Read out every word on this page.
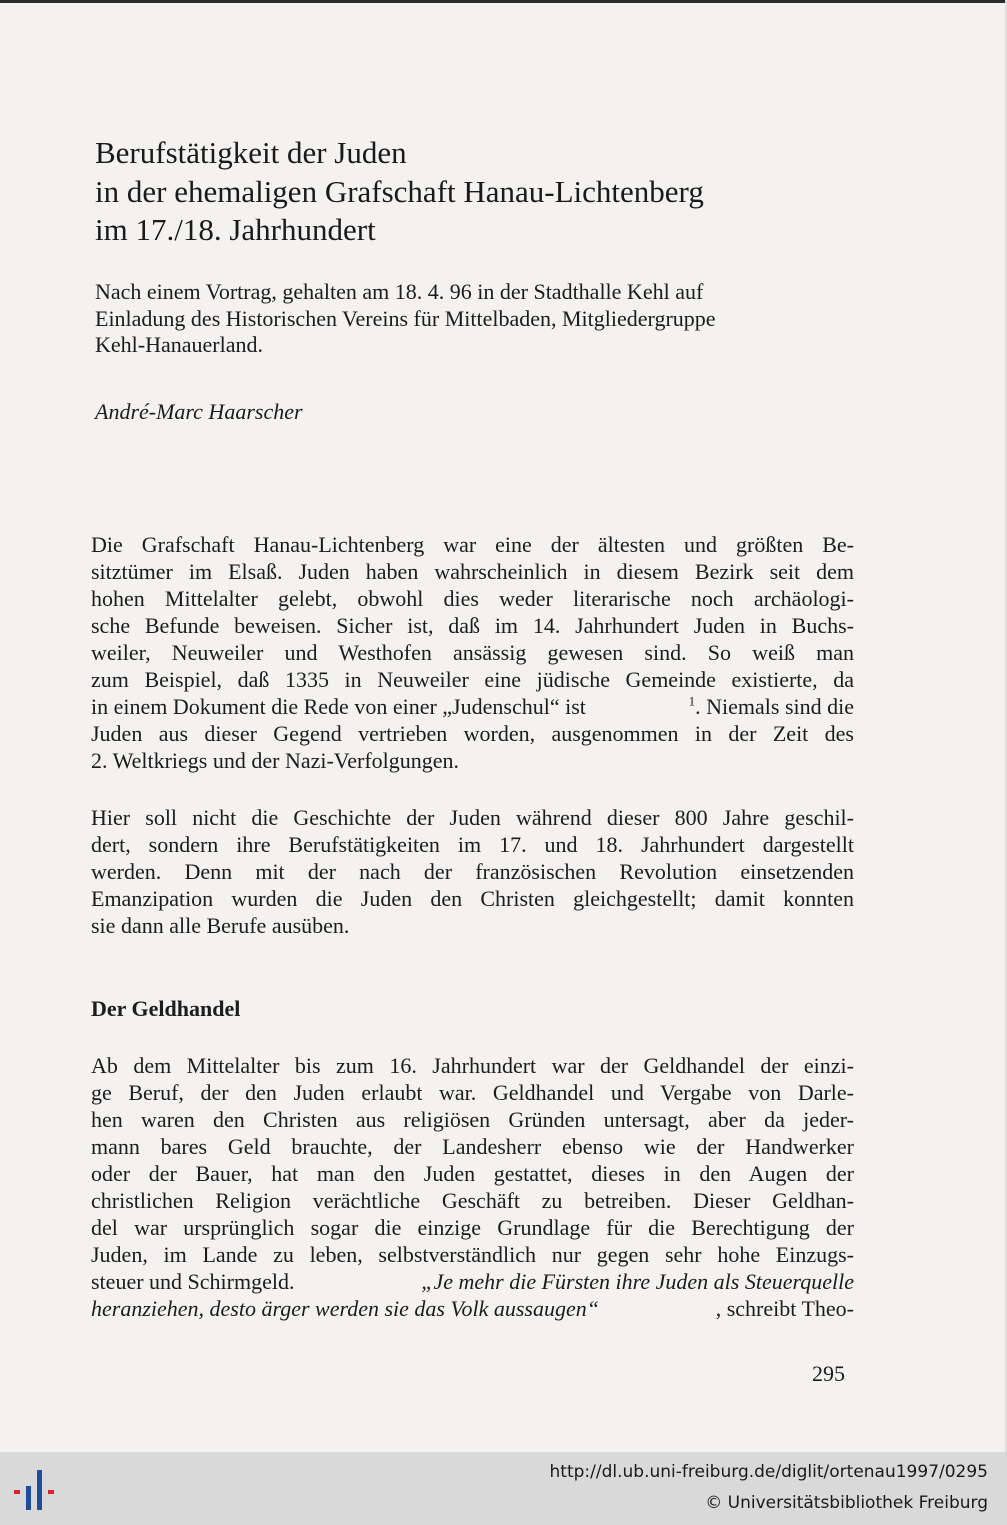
Berufstätigkeit der Juden
in der ehemaligen Grafschaft Hanau-Lichtenberg
im 17./18. Jahrhundert

Nach einem Vortrag, gehalten am 18. 4. 96 in der Stadthalle Kehl auf
Einladung des Historischen Vereins für Mittelbaden, Mitgliedergruppe
Kehl-Hanauerland.

André-Marc Haarscher

Die Grafschaft Hanau-Lichtenberg war eine der ältesten und größten Be-
sitztümer im Elsaß. Juden haben wahrscheinlich in diesem Bezirk seit dem
hohen Mittelalter gelebt, obwohl dies weder literarische noch archäologi-
sche Befunde beweisen. Sicher ist, daß im 14. Jahrhundert Juden in Buchs-
weiler, Neuweiler und Westhofen ansässig gewesen sind. So weiß man
zum Beispiel, daß 1335 in Neuweiler eine jüdische Gemeinde existierte, da
in einem Dokument die Rede von einer „Judenschul“ ist	$^1$. Niemals sind die
Juden aus dieser Gegend vertrieben worden, ausgenommen in der Zeit des
2. Weltkriegs und der Nazi-Verfolgungen.
Hier soll nicht die Geschichte der Juden während dieser 800 Jahre geschil-
dert, sondern ihre Berufstätigkeiten im 17. und 18. Jahrhundert dargestellt
werden. Denn mit der nach der französischen Revolution einsetzenden
Emanzipation wurden die Juden den Christen gleichgestellt; damit konnten
sie dann alle Berufe ausüben.
Der Geldhandel
Ab dem Mittelalter bis zum 16. Jahrhundert war der Geldhandel der einzi-
ge Beruf, der den Juden erlaubt war. Geldhandel und Vergabe von Darle-
hen waren den Christen aus religiösen Gründen untersagt, aber da jeder-
mann bares Geld brauchte, der Landesherr ebenso wie der Handwerker
oder der Bauer, hat man den Juden gestattet, dieses in den Augen der
christlichen Religion verächtliche Geschäft zu betreiben. Dieser Geldhan-
del war ursprünglich sogar die einzige Grundlage für die Berechtigung der
Juden, im Lande zu leben, selbstverständlich nur gegen sehr hohe Einzugs-
steuer und Schirmgeld.	„Je mehr die Fürsten ihre Juden als Steuerquelle
heranziehen, desto ärger werden sie das Volk aussaugen“	, schreibt Theo-

295

http://dl.ub.uni-freiburg.de/diglit/ortenau1997/0295
© Universitätsbibliothek Freiburg
